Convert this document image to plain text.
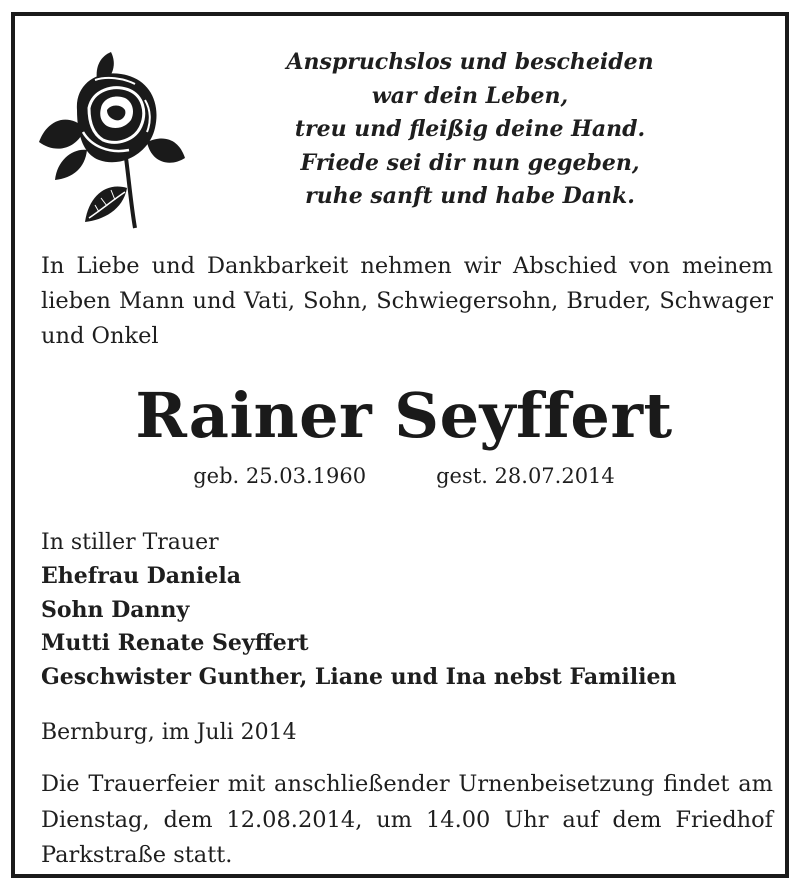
Anspruchslos und bescheiden
war dein Leben,
treu und fleißig deine Hand.
Friede sei dir nun gegeben,
ruhe sanft und habe Dank.
In Liebe und Dankbarkeit nehmen wir Abschied von meinem lieben Mann und Vati, Sohn, Schwiegersohn, Bruder, Schwager und Onkel
Rainer Seyffert
geb. 25.03.1960	gest. 28.07.2014
In stiller Trauer
Ehefrau Daniela
Sohn Danny
Mutti Renate Seyffert
Geschwister Gunther, Liane und Ina nebst Familien
Bernburg, im Juli 2014
Die Trauerfeier mit anschließender Urnenbeisetzung findet am Dienstag, dem 12.08.2014, um 14.00 Uhr auf dem Friedhof Parkstraße statt.
